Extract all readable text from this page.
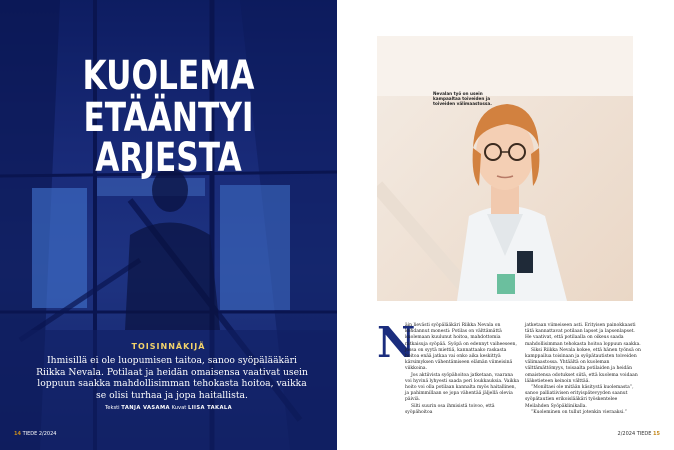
KUOLEMA
ETÄÄNTYI ARJESTA
TOISINNÄKIJÄ
Ihmisillä ei ole luopumisen taitoa, sanoo syöpälääkäri Riikka Nevala. Potilaat ja heidän omaisensa vaativat usein loppuun saakka mahdollisimman tehokasta hoitoa, vaikka se olisi turhaa ja jopa haitallista.
Teksti TANJA VASAMA Kuvat LIISA TAKALA
14 TIEDE 2/2024
Nevalan työ on usein kampaaltaa toiveiden ja toiveiden välimaastossa.
N

äin lievästi syöpälääkäri Riikka Nevala on kohdannut monesti: Potilas on välttämättä kuolemaan kuulunut hoitoa, mahdottomia ratkaisuja syöpää. Syöpä on edennyt vaiheeseen, jossa on syytä miettiä, kannattaako raskasta hoitoa enää jatkaa vai onko aika keskittyä kärsimyksen vähentämiseen elämän viimeisinä viikkoina.

Jos aktiivista syöpähoitoa jatketaan, vaarana voi hyvinä lyhyesti saada peri loukkauksia. Vaikka hoito voi olla potilaan kannalta myös haitallinen, ja pahimmillaan se jopa vähentää jäljellä olevia päiviä.

Silti suurin osa ihmisistä toivoo, että syöpähoitoa

jatketaan viimeiseen asti. Erityisen painokkaasti tätä kannattavat potilaan lapset ja lapsenlapset. He vaativat, että potilaalla on oikeus saada mahdollisimman tehokasta hoitoa loppuun saakka.

Siksi Riikka Nevala kokee, että hänen työnsä on kamppailua toisinaan ja syöpätautisten toiveiden välimaastossa. Yhtäältä on kuoleman välttämättömyys, toisaalta potilaiden ja heidän omaistensa odotukset siitä, että kuolema voidaan lääketieteen keinoin välttää.

”Moniltaei ole mitään käsitystä kuolemasta”, sanoo palliatiivisen erityispätevyyden saanut syöpätautien erikoislääkäri työskentelee Meilahden Syöpäklinikalla.

”Kuoleminen on tullut jotenkin vieraaksi.”

2/2024 TIEDE 15
